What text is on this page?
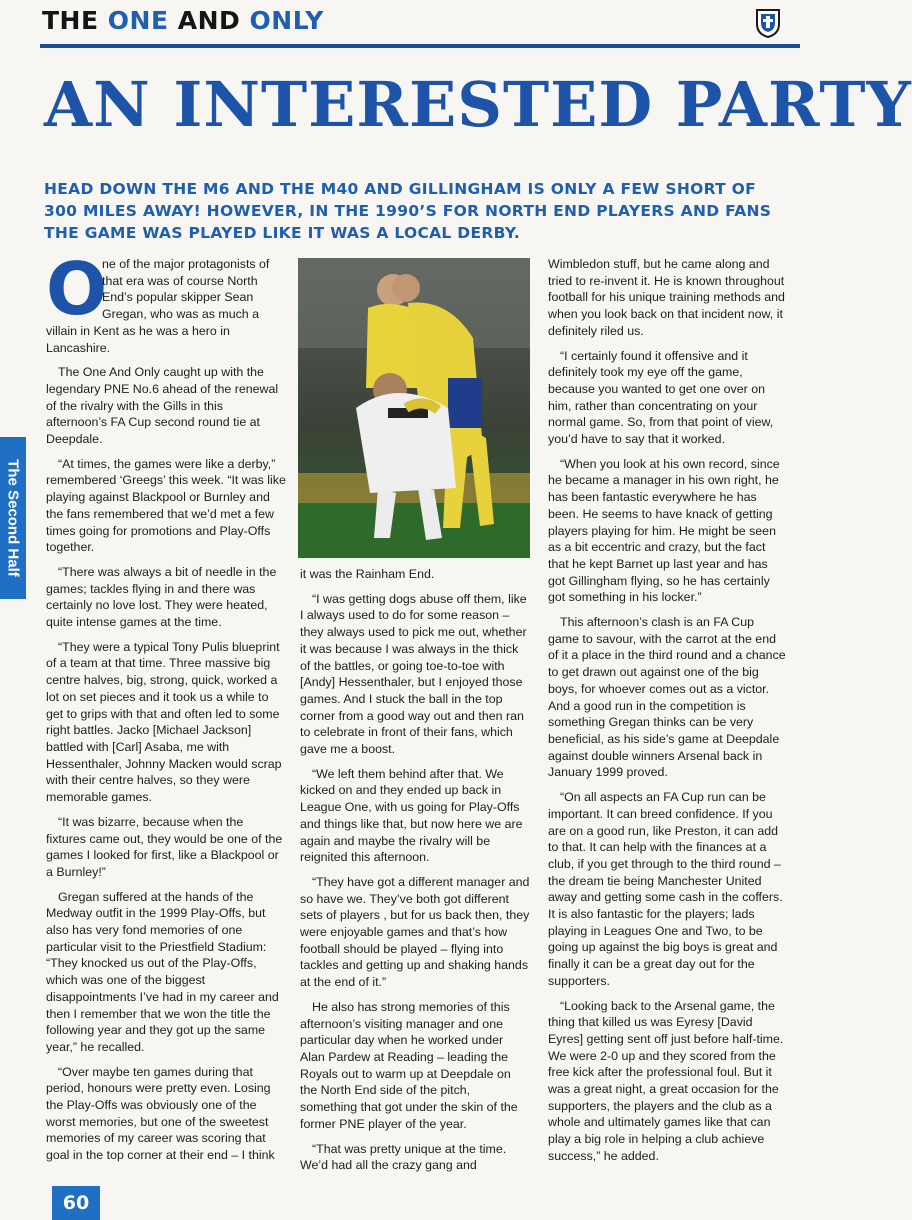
THE ONE AND ONLY
AN INTERESTED PARTY
HEAD DOWN THE M6 AND THE M40 AND GILLINGHAM IS ONLY A FEW SHORT OF 300 MILES AWAY! HOWEVER, IN THE 1990’S FOR NORTH END PLAYERS AND FANS THE GAME WAS PLAYED LIKE IT WAS A LOCAL DERBY.
The Second Half

O
ne of the major protagonists of that era was of course North End’s popular skipper Sean Gregan, who was as much a villain in Kent as he was a hero in Lancashire.

The One And Only caught up with the legendary PNE No.6 ahead of the renewal of the rivalry with the Gills in this afternoon’s FA Cup second round tie at Deepdale.

“At times, the games were like a derby,” remembered ‘Greegs’ this week. “It was like playing against Blackpool or Burnley and the fans remembered that we’d met a few times going for promotions and Play-Offs together.

“There was always a bit of needle in the games; tackles flying in and there was certainly no love lost. They were heated, quite intense games at the time.

“They were a typical Tony Pulis blueprint of a team at that time. Three massive big centre halves, big, strong, quick, worked a lot on set pieces and it took us a while to get to grips with that and often led to some right battles. Jacko [Michael Jackson] battled with [Carl] Asaba, me with Hessenthaler, Johnny Macken would scrap with their centre halves, so they were memorable games.

“It was bizarre, because when the fixtures came out, they would be one of the games I looked for first, like a Blackpool or a Burnley!”

Gregan suffered at the hands of the Medway outfit in the 1999 Play-Offs, but also has very fond memories of one particular visit to the Priestfield Stadium: “They knocked us out of the Play-Offs, which was one of the biggest disappointments I’ve had in my career and then I remember that we won the title the following year and they got up the same year,” he recalled.

“Over maybe ten games during that period, honours were pretty even. Losing the Play-Offs was obviously one of the worst memories, but one of the sweetest memories of my career was scoring that goal in the top corner at their end – I think

it was the Rainham End.

“I was getting dogs abuse off them, like I always used to do for some reason – they always used to pick me out, whether it was because I was always in the thick of the battles, or going toe-to-toe with [Andy] Hessenthaler, but I enjoyed those games. And I stuck the ball in the top corner from a good way out and then ran to celebrate in front of their fans, which gave me a boost.

“We left them behind after that. We kicked on and they ended up back in League One, with us going for Play-Offs and things like that, but now here we are again and maybe the rivalry will be reignited this afternoon.

“They have got a different manager and so have we. They’ve both got different sets of players , but for us back then, they were enjoyable games and that’s how football should be played – flying into tackles and getting up and shaking hands at the end of it.”

He also has strong memories of this afternoon’s visiting manager and one particular day when he worked under Alan Pardew at Reading – leading the Royals out to warm up at Deepdale on the North End side of the pitch, something that got under the skin of the former PNE player of the year.

“That was pretty unique at the time. We’d had all the crazy gang and

Wimbledon stuff, but he came along and tried to re-invent it. He is known throughout football for his unique training methods and when you look back on that incident now, it definitely riled us.

“I certainly found it offensive and it definitely took my eye off the game, because you wanted to get one over on him, rather than concentrating on your normal game. So, from that point of view, you’d have to say that it worked.

“When you look at his own record, since he became a manager in his own right, he has been fantastic everywhere he has been. He seems to have knack of getting players playing for him. He might be seen as a bit eccentric and crazy, but the fact that he kept Barnet up last year and has got Gillingham flying, so he has certainly got something in his locker.”

This afternoon’s clash is an FA Cup game to savour, with the carrot at the end of it a place in the third round and a chance to get drawn out against one of the big boys, for whoever comes out as a victor. And a good run in the competition is something Gregan thinks can be very beneficial, as his side’s game at Deepdale against double winners Arsenal back in January 1999 proved.

“On all aspects an FA Cup run can be important. It can breed confidence. If you are on a good run, like Preston, it can add to that. It can help with the finances at a club, if you get through to the third round – the dream tie being Manchester United away and getting some cash in the coffers. It is also fantastic for the players; lads playing in Leagues One and Two, to be going up against the big boys is great and finally it can be a great day out for the supporters.

“Looking back to the Arsenal game, the thing that killed us was Eyresy [David Eyres] getting sent off just before half-time. We were 2-0 up and they scored from the free kick after the professional foul. But it was a great night, a great occasion for the supporters, the players and the club as a whole and ultimately games like that can play a big role in helping a club achieve success,” he added.

60
